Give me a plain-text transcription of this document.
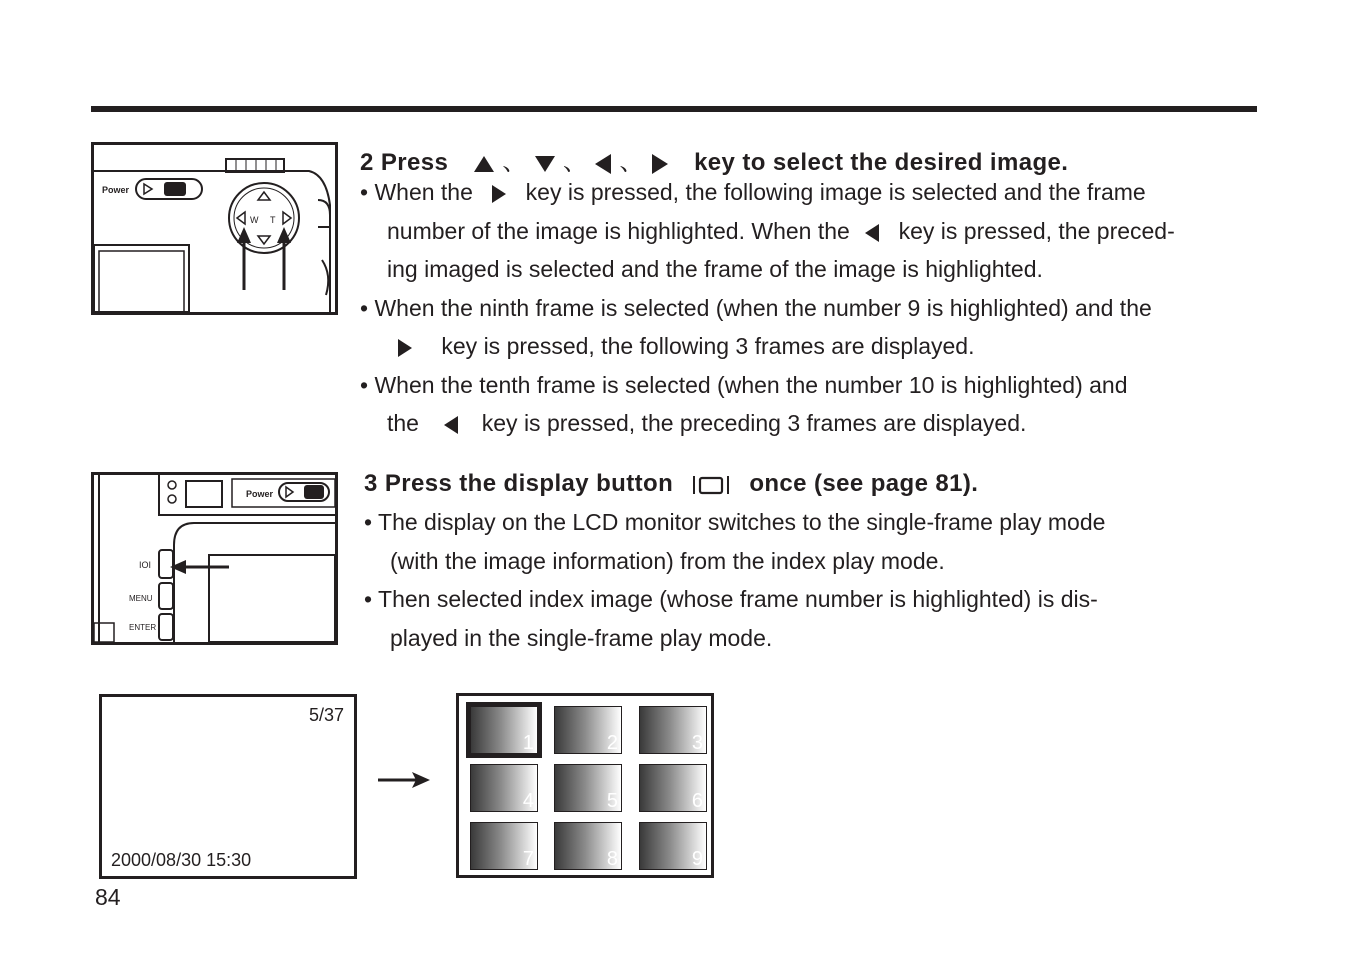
Power
W T
2 Press 、 、 、 key to select the desired image.
• When the key is pressed, the following image is selected and the frame
number of the image is highlighted. When the key is pressed, the preced-
ing imaged is selected and the frame of the image is highlighted.
• When the ninth frame is selected (when the number 9 is highlighted) and the
key is pressed, the following 3 frames are displayed.
• When the tenth frame is selected (when the number 10 is highlighted) and
the	key is pressed, the preceding 3 frames are displayed.
Power
IOI
MENU
ENTER
3 Press the display button	once (see page 81).
• The display on the LCD monitor switches to the single-frame play mode
(with the image information) from the index play mode.
• Then selected index image (whose frame number is highlighted) is dis-
played in the single-frame play mode.
5/37
2000/08/30 15:30
1	2	3
4	5	6
7	8	9
84
